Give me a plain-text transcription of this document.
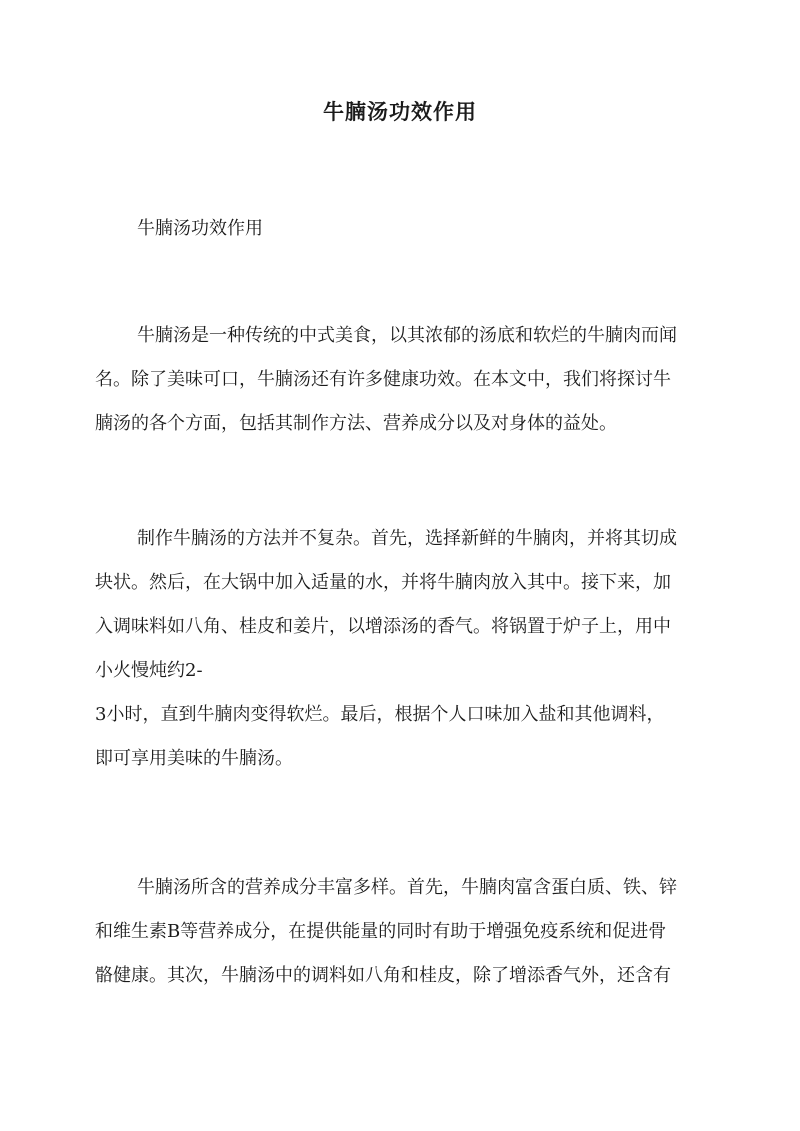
牛腩汤功效作用

牛腩汤功效作用

牛腩汤是一种传统的中式美食，以其浓郁的汤底和软烂的牛腩肉而闻
名。除了美味可口，牛腩汤还有许多健康功效。在本文中，我们将探讨牛
腩汤的各个方面，包括其制作方法、营养成分以及对身体的益处。
制作牛腩汤的方法并不复杂。首先，选择新鲜的牛腩肉，并将其切成
块状。然后，在大锅中加入适量的水，并将牛腩肉放入其中。接下来，加
入调味料如八角、桂皮和姜片，以增添汤的香气。将锅置于炉子上，用中
小火慢炖约2-
3小时，直到牛腩肉变得软烂。最后，根据个人口味加入盐和其他调料，
即可享用美味的牛腩汤。
牛腩汤所含的营养成分丰富多样。首先，牛腩肉富含蛋白质、铁、锌
和维生素B等营养成分，在提供能量的同时有助于增强免疫系统和促进骨
骼健康。其次，牛腩汤中的调料如八角和桂皮，除了增添香气外，还含有
